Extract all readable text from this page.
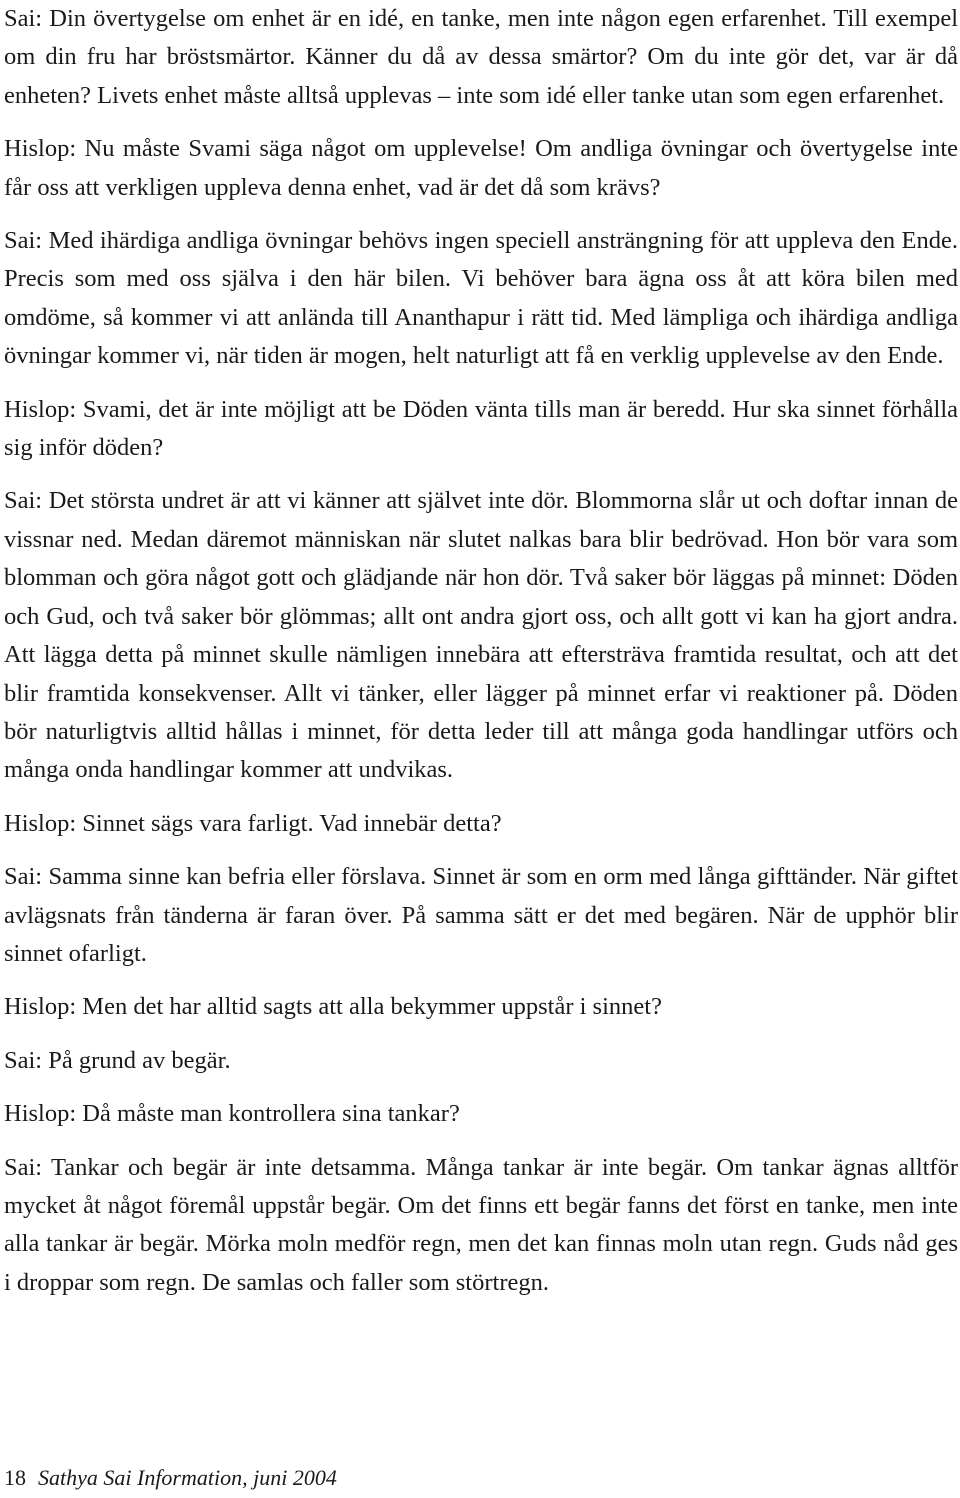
Sai: Din övertygelse om enhet är en idé, en tanke, men inte någon egen erfarenhet. Till exempel om din fru har bröstsmärtor. Känner du då av dessa smärtor? Om du inte gör det, var är då enheten? Livets enhet måste alltså upplevas – inte som idé eller tanke utan som egen erfarenhet.

Hislop: Nu måste Svami säga något om upplevelse! Om andliga övningar och övertygelse inte får oss att verkligen uppleva denna enhet, vad är det då som krävs?

Sai: Med ihärdiga andliga övningar behövs ingen speciell ansträngning för att uppleva den Ende. Precis som med oss själva i den här bilen. Vi behöver bara ägna oss åt att köra bilen med omdöme, så kommer vi att anlända till Ananthapur i rätt tid. Med lämpliga och ihärdiga andliga övningar kommer vi, när tiden är mogen, helt naturligt att få en verklig upplevelse av den Ende.

Hislop: Svami, det är inte möjligt att be Döden vänta tills man är beredd. Hur ska sinnet förhålla sig inför döden?

Sai: Det största undret är att vi känner att självet inte dör. Blommorna slår ut och doftar innan de vissnar ned. Medan däremot människan när slutet nalkas bara blir bedrövad. Hon bör vara som blomman och göra något gott och glädjande när hon dör. Två saker bör läggas på minnet: Döden och Gud, och två saker bör glömmas; allt ont andra gjort oss, och allt gott vi kan ha gjort andra. Att lägga detta på minnet skulle nämligen innebära att eftersträva framtida resultat, och att det blir framtida konsekvenser. Allt vi tänker, eller lägger på minnet erfar vi reaktioner på. Döden bör naturligtvis alltid hållas i minnet, för detta leder till att många goda handlingar utförs och många onda handlingar kommer att undvikas.

Hislop: Sinnet sägs vara farligt. Vad innebär detta?

Sai: Samma sinne kan befria eller förslava. Sinnet är som en orm med långa gifttänder. När giftet avlägsnats från tänderna är faran över. På samma sätt er det med begären. När de upphör blir sinnet ofarligt.

Hislop: Men det har alltid sagts att alla bekymmer uppstår i sinnet?

Sai: På grund av begär.

Hislop: Då måste man kontrollera sina tankar?

Sai: Tankar och begär är inte detsamma. Många tankar är inte begär. Om tankar ägnas alltför mycket åt något föremål uppstår begär. Om det finns ett begär fanns det först en tanke, men inte alla tankar är begär. Mörka moln medför regn, men det kan finnas moln utan regn. Guds nåd ges i droppar som regn. De samlas och faller som störtregn.

18 Sathya Sai Information, juni 2004
